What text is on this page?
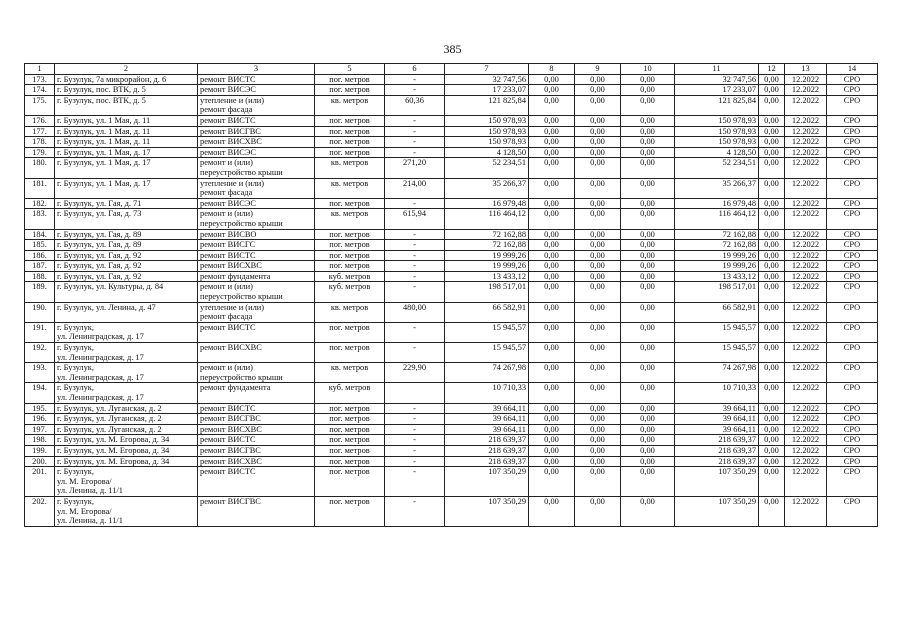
385
1	2	3	5	6	7	8	9	10	11	12	13	14
173.	г. Бузулук, 7а микрорайон, д. 6	ремонт ВИСТС	пог. метров	-	32 747,56	0,00	0,00	0,00	32 747,56	0,00	12.2022	СРО
174.	г. Бузулук, пос. ВТК, д. 5	ремонт ВИСЭС	пог. метров	-	17 233,07	0,00	0,00	0,00	17 233,07	0,00	12.2022	СРО
175.	г. Бузулук, пос. ВТК, д. 5	утепление и (или)
ремонт фасада	кв. метров	60,36	121 825,84	0,00	0,00	0,00	121 825,84	0,00	12.2022	СРО
176.	г. Бузулук, ул. 1 Мая, д. 11	ремонт ВИСТС	пог. метров	-	150 978,93	0,00	0,00	0,00	150 978,93	0,00	12.2022	СРО
177.	г. Бузулук, ул. 1 Мая, д. 11	ремонт ВИСГВС	пог. метров	-	150 978,93	0,00	0,00	0,00	150 978,93	0,00	12.2022	СРО
178.	г. Бузулук, ул. 1 Мая, д. 11	ремонт ВИСХВС	пог. метров	-	150 978,93	0,00	0,00	0,00	150 978,93	0,00	12.2022	СРО
179.	г. Бузулук, ул. 1 Мая, д. 17	ремонт ВИСЭС	пог. метров	-	4 128,50	0,00	0,00	0,00	4 128,50	0,00	12.2022	СРО
180.	г. Бузулук, ул. 1 Мая, д. 17	ремонт и (или)
переустройство крыши	кв. метров	271,20	52 234,51	0,00	0,00	0,00	52 234,51	0,00	12.2022	СРО
181.	г. Бузулук, ул. 1 Мая, д. 17	утепление и (или)
ремонт фасада	кв. метров	214,00	35 266,37	0,00	0,00	0,00	35 266,37	0,00	12.2022	СРО
182.	г. Бузулук, ул. Гая, д. 71	ремонт ВИСЭС	пог. метров	-	16 979,48	0,00	0,00	0,00	16 979,48	0,00	12.2022	СРО
183.	г. Бузулук, ул. Гая, д. 73	ремонт и (или)
переустройство крыши	кв. метров	615,94	116 464,12	0,00	0,00	0,00	116 464,12	0,00	12.2022	СРО
184.	г. Бузулук, ул. Гая, д. 89	ремонт ВИСВО	пог. метров	-	72 162,88	0,00	0,00	0,00	72 162,88	0,00	12.2022	СРО
185.	г. Бузулук, ул. Гая, д. 89	ремонт ВИСГС	пог. метров	-	72 162,88	0,00	0,00	0,00	72 162,88	0,00	12.2022	СРО
186.	г. Бузулук, ул. Гая, д. 92	ремонт ВИСТС	пог. метров	-	19 999,26	0,00	0,00	0,00	19 999,26	0,00	12.2022	СРО
187.	г. Бузулук, ул. Гая, д. 92	ремонт ВИСХВС	пог. метров	-	19 999,26	0,00	0,00	0,00	19 999,26	0,00	12.2022	СРО
188.	г. Бузулук, ул. Гая, д. 92	ремонт фундамента	куб. метров	-	13 433,12	0,00	0,00	0,00	13 433,12	0,00	12.2022	СРО
189.	г. Бузулук, ул. Культуры, д. 84	ремонт и (или)
переустройство крыши	куб. метров	-	198 517,01	0,00	0,00	0,00	198 517,01	0,00	12.2022	СРО
190.	г. Бузулук, ул. Ленина, д. 47	утепление и (или)
ремонт фасада	кв. метров	480,00	66 582,91	0,00	0,00	0,00	66 582,91	0,00	12.2022	СРО
191.	г. Бузулук,
ул. Ленинградская, д. 17	ремонт ВИСТС	пог. метров	-	15 945,57	0,00	0,00	0,00	15 945,57	0,00	12.2022	СРО
192.	г. Бузулук,
ул. Ленинградская, д. 17	ремонт ВИСХВС	пог. метров	-	15 945,57	0,00	0,00	0,00	15 945,57	0,00	12.2022	СРО
193.	г. Бузулук,
ул. Ленинградская, д. 17	ремонт и (или)
переустройство крыши	кв. метров	229,90	74 267,98	0,00	0,00	0,00	74 267,98	0,00	12.2022	СРО
194.	г. Бузулук,
ул. Ленинградская, д. 17	ремонт фундамента	куб. метров		10 710,33	0,00	0,00	0,00	10 710,33	0,00	12.2022	СРО
195.	г. Бузулук, ул. Луганская, д. 2	ремонт ВИСТС	пог. метров	-	39 664,11	0,00	0,00	0,00	39 664,11	0,00	12.2022	СРО
196.	г. Бузулук, ул. Луганская, д. 2	ремонт ВИСГВС	пог. метров	-	39 664,11	0,00	0,00	0,00	39 664,11	0,00	12.2022	СРО
197.	г. Бузулук, ул. Луганская, д. 2	ремонт ВИСХВС	пог. метров	-	39 664,11	0,00	0,00	0,00	39 664,11	0,00	12.2022	СРО
198.	г. Бузулук, ул. М. Егорова, д. 34	ремонт ВИСТС	пог. метров	-	218 639,37	0,00	0,00	0,00	218 639,37	0,00	12.2022	СРО
199.	г. Бузулук, ул. М. Егорова, д. 34	ремонт ВИСГВС	пог. метров	-	218 639,37	0,00	0,00	0,00	218 639,37	0,00	12.2022	СРО
200.	г. Бузулук, ул. М. Егорова, д. 34	ремонт ВИСХВС	пог. метров	-	218 639,37	0,00	0,00	0,00	218 639,37	0,00	12.2022	СРО
201.	г. Бузулук,
ул. М. Егорова/
ул. Ленина, д. 11/1	ремонт ВИСТС	пог. метров	-	107 350,29	0,00	0,00	0,00	107 350,29	0,00	12.2022	СРО
202.	г. Бузулук,
ул. М. Егорова/
ул. Ленина, д. 11/1	ремонт ВИСГВС	пог. метров	-	107 350,29	0,00	0,00	0,00	107 350,29	0,00	12.2022	СРО
